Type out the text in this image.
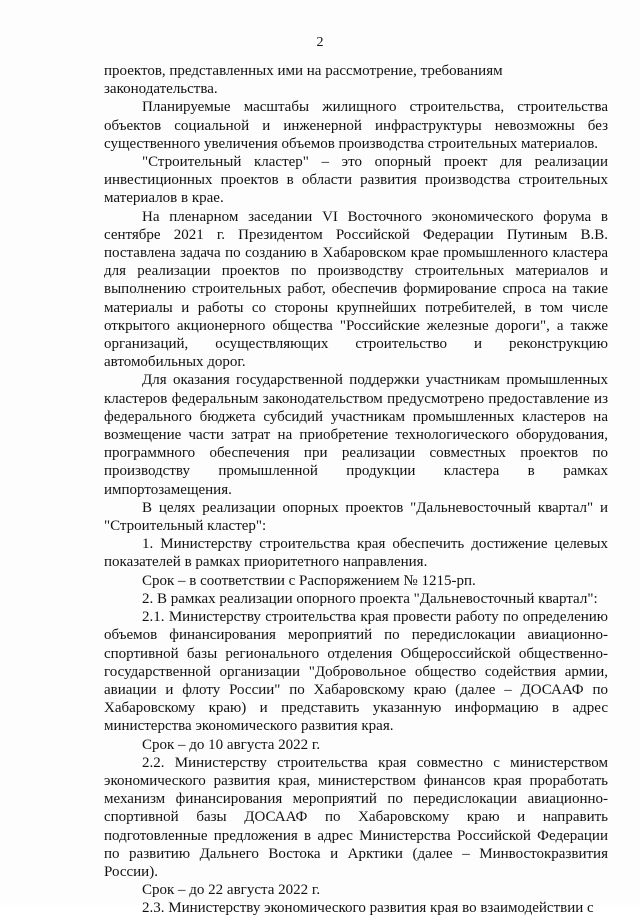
2

проектов, представленных ими на рассмотрение, требованиям законодательства.

Планируемые масштабы жилищного строительства, строительства объектов социальной и инженерной инфраструктуры невозможны без существенного увеличения объемов производства строительных материалов.

"Строительный кластер" – это опорный проект для реализации инвестиционных проектов в области развития производства строительных материалов в крае.

На пленарном заседании VI Восточного экономического форума в сентябре 2021 г. Президентом Российской Федерации Путиным В.В. поставлена задача по созданию в Хабаровском крае промышленного кластера для реализации проектов по производству строительных материалов и выполнению строительных работ, обеспечив формирование спроса на такие материалы и работы со стороны крупнейших потребителей, в том числе открытого акционерного общества "Российские железные дороги", а также организаций, осуществляющих строительство и реконструкцию автомобильных дорог.

Для оказания государственной поддержки участникам промышленных кластеров федеральным законодательством предусмотрено предоставление из федерального бюджета субсидий участникам промышленных кластеров на возмещение части затрат на приобретение технологического оборудования, программного обеспечения при реализации совместных проектов по производству промышленной продукции кластера в рамках импортозамещения.

В целях реализации опорных проектов "Дальневосточный квартал" и "Строительный кластер":

1. Министерству строительства края обеспечить достижение целевых показателей в рамках приоритетного направления.

Срок – в соответствии с Распоряжением № 1215-рп.

2. В рамках реализации опорного проекта "Дальневосточный квартал":

2.1. Министерству строительства края провести работу по определению объемов финансирования мероприятий по передислокации авиационно-спортивной базы регионального отделения Общероссийской общественно-государственной организации "Добровольное общество содействия армии, авиации и флоту России" по Хабаровскому краю (далее – ДОСААФ по Хабаровскому краю) и представить указанную информацию в адрес министерства экономического развития края.

Срок – до 10 августа 2022 г.

2.2. Министерству строительства края совместно с министерством экономического развития края, министерством финансов края проработать механизм финансирования мероприятий по передислокации авиационно-спортивной базы ДОСААФ по Хабаровскому краю и направить подготовленные предложения в адрес Министерства Российской Федерации по развитию Дальнего Востока и Арктики (далее – Минвостокразвития России).

Срок – до 22 августа 2022 г.

2.3. Министерству экономического развития края во взаимодействии с
